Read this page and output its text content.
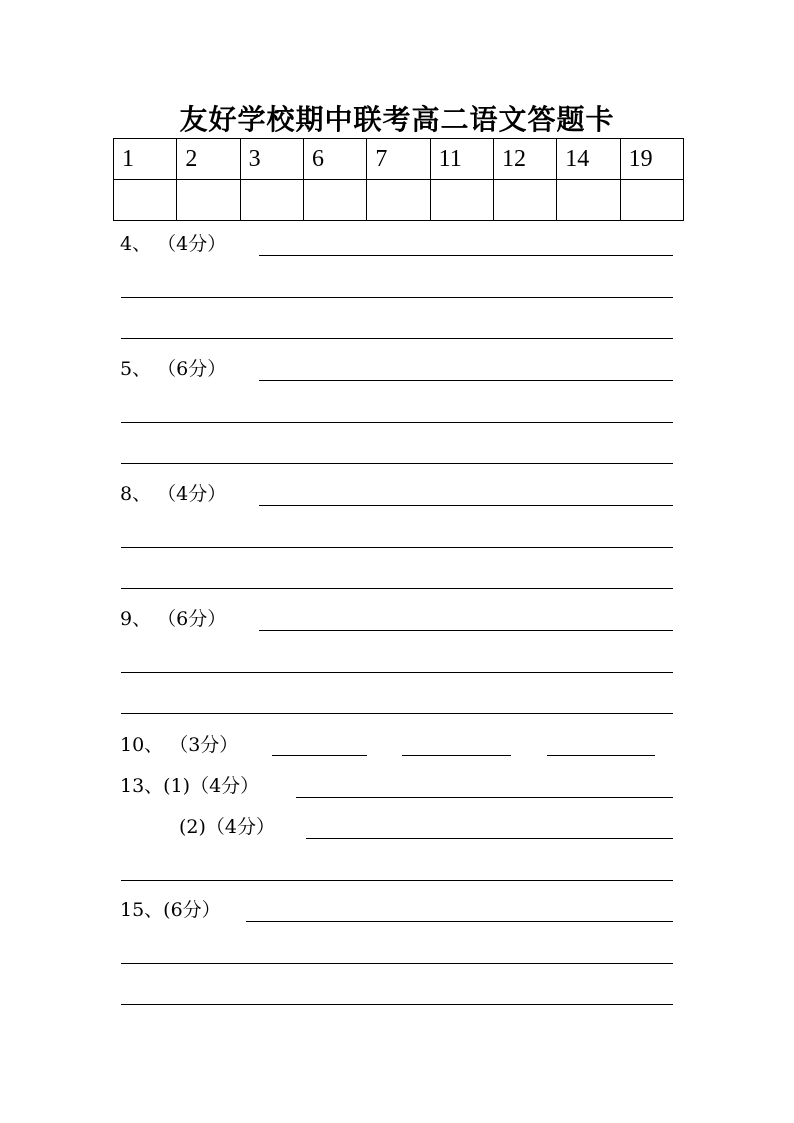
友好学校期中联考高二语文答题卡
1	2	3	6	7	11	12	14	19

4、 （4分）
5、 （6分）
8、 （4分）
9、 （6分）
10、 （3分）
13、(1)（4分）
(2)（4分）
15、(6分）
